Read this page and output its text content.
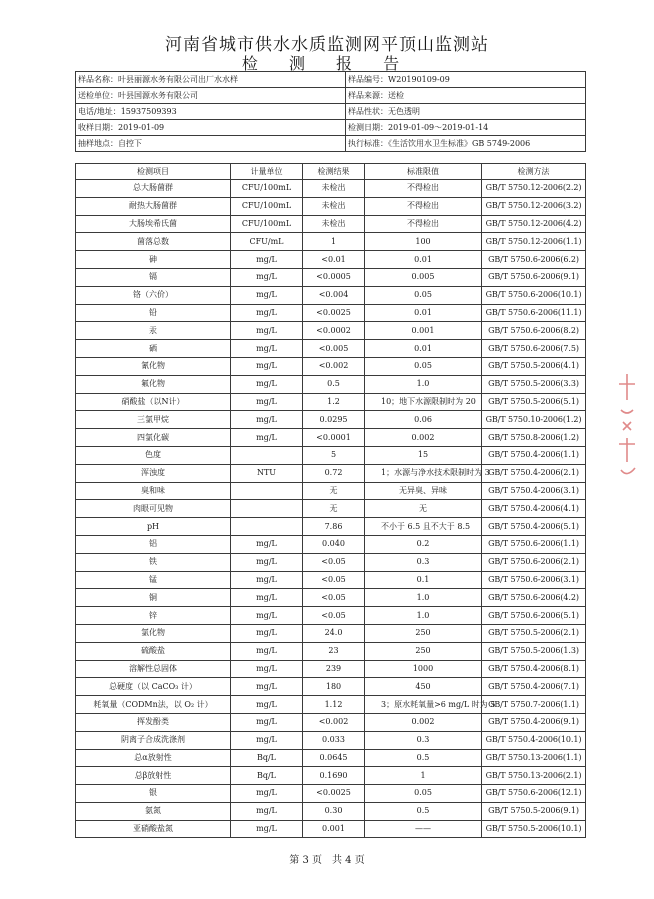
河南省城市供水水质监测网平顶山监测站
检 测 报 告
样品名称：叶县丽源水务有限公司出厂水水样	样品编号：W20190109-09
送检单位：叶县国源水务有限公司	样品来源：送检
电话/地址：15937509393	样品性状：无色透明
收样日期：2019-01-09	检测日期：2019-01-09～2019-01-14
抽样地点：自控下	执行标准：《生活饮用水卫生标准》GB 5749-2006
检测项目	计量单位	检测结果	标准限值	检测方法
总大肠菌群	CFU/100mL	未检出	不得检出	GB/T 5750.12-2006(2.2)
耐热大肠菌群	CFU/100mL	未检出	不得检出	GB/T 5750.12-2006(3.2)
大肠埃希氏菌	CFU/100mL	未检出	不得检出	GB/T 5750.12-2006(4.2)
菌落总数	CFU/mL	1	100	GB/T 5750.12-2006(1.1)
砷	mg/L	<0.01	0.01	GB/T 5750.6-2006(6.2)
镉	mg/L	<0.0005	0.005	GB/T 5750.6-2006(9.1)
铬（六价）	mg/L	<0.004	0.05	GB/T 5750.6-2006(10.1)
铅	mg/L	<0.0025	0.01	GB/T 5750.6-2006(11.1)
汞	mg/L	<0.0002	0.001	GB/T 5750.6-2006(8.2)
硒	mg/L	<0.005	0.01	GB/T 5750.6-2006(7.5)
氰化物	mg/L	<0.002	0.05	GB/T 5750.5-2006(4.1)
氟化物	mg/L	0.5	1.0	GB/T 5750.5-2006(3.3)
硝酸盐（以N计）	mg/L	1.2	10；地下水源限制时为 20	GB/T 5750.5-2006(5.1)
三氯甲烷	mg/L	0.0295	0.06	GB/T 5750.10-2006(1.2)
四氯化碳	mg/L	<0.0001	0.002	GB/T 5750.8-2006(1.2)
色度		5	15	GB/T 5750.4-2006(1.1)
浑浊度	NTU	0.72	1；水源与净水技术限制时为 3	GB/T 5750.4-2006(2.1)
臭和味		无	无异臭、异味	GB/T 5750.4-2006(3.1)
肉眼可见物		无	无	GB/T 5750.4-2006(4.1)
pH		7.86	不小于 6.5 且不大于 8.5	GB/T 5750.4-2006(5.1)
铝	mg/L	0.040	0.2	GB/T 5750.6-2006(1.1)
铁	mg/L	<0.05	0.3	GB/T 5750.6-2006(2.1)
锰	mg/L	<0.05	0.1	GB/T 5750.6-2006(3.1)
铜	mg/L	<0.05	1.0	GB/T 5750.6-2006(4.2)
锌	mg/L	<0.05	1.0	GB/T 5750.6-2006(5.1)
氯化物	mg/L	24.0	250	GB/T 5750.5-2006(2.1)
硫酸盐	mg/L	23	250	GB/T 5750.5-2006(1.3)
溶解性总固体	mg/L	239	1000	GB/T 5750.4-2006(8.1)
总硬度（以 CaCO₃ 计）	mg/L	180	450	GB/T 5750.4-2006(7.1)
耗氧量（CODMn法，以 O₂ 计）	mg/L	1.12	3；原水耗氧量>6 mg/L 时为 5	GB/T 5750.7-2006(1.1)
挥发酚类	mg/L	<0.002	0.002	GB/T 5750.4-2006(9.1)
阴离子合成洗涤剂	mg/L	0.033	0.3	GB/T 5750.4-2006(10.1)
总α放射性	Bq/L	0.0645	0.5	GB/T 5750.13-2006(1.1)
总β放射性	Bq/L	0.1690	1	GB/T 5750.13-2006(2.1)
银	mg/L	<0.0025	0.05	GB/T 5750.6-2006(12.1)
氨氮	mg/L	0.30	0.5	GB/T 5750.5-2006(9.1)
亚硝酸盐氮	mg/L	0.001	——	GB/T 5750.5-2006(10.1)
第 3 页　共 4 页
